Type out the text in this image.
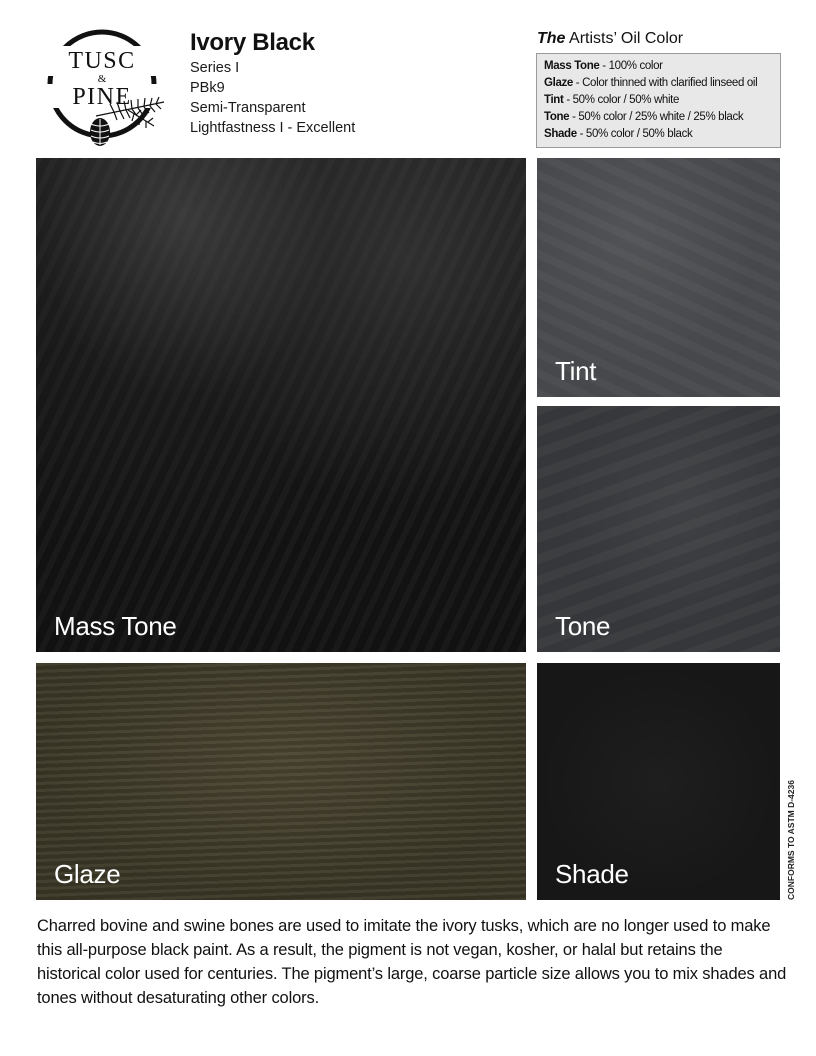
TUSC
&
PINE
Ivory Black
Series I
PBk9
Semi-Transparent
Lightfastness I - Excellent
The Artists’ Oil Color
Mass Tone - 100% color
Glaze - Color thinned with clarified linseed oil
Tint - 50% color / 50% white
Tone - 50% color / 25% white / 25% black
Shade - 50% color / 50% black
Mass Tone
Tint
Tone
Glaze	Shade	CONFORMS TO ASTM D-4236
Charred bovine and swine bones are used to imitate the ivory tusks, which are no longer used to make this all-purpose black paint. As a result, the pigment is not vegan, kosher, or halal but retains the historical color used for centuries. The pigment’s large, coarse particle size allows you to mix shades and tones without desaturating other colors.
